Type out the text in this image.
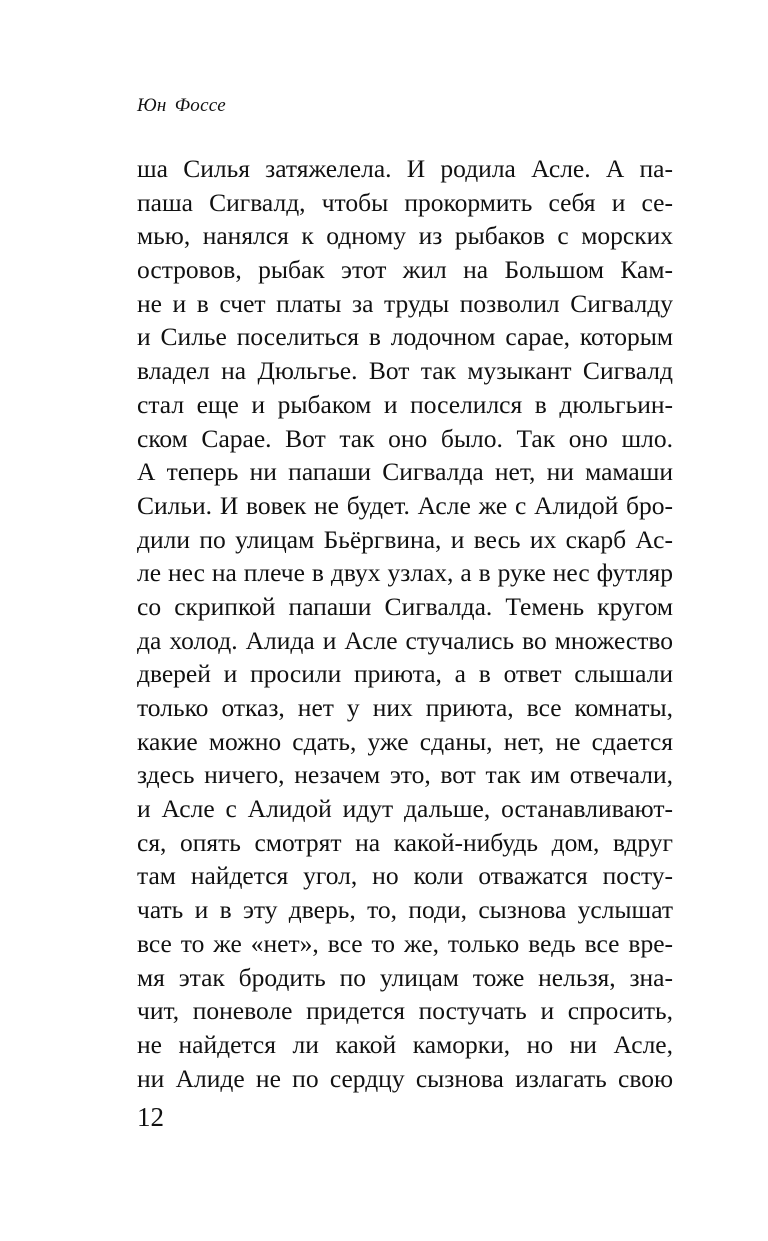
Юн Фоссе
ша Силья затяжелела. И родила Асле. А па-
паша Сигвалд, чтобы прокормить себя и се-
мью, нанялся к одному из рыбаков с морских
островов, рыбак этот жил на Большом Кам-
не и в счет платы за труды позволил Сигвалду
и Силье поселиться в лодочном сарае, которым
владел на Дюльгье. Вот так музыкант Сигвалд
стал еще и рыбаком и поселился в дюльгьин-
ском Сарае. Вот так оно было. Так оно шло.
А теперь ни папаши Сигвалда нет, ни мамаши
Сильи. И вовек не будет. Асле же с Алидой бро-
дили по улицам Бьёргвина, и весь их скарб Ас-
ле нес на плече в двух узлах, а в руке нес футляр
со скрипкой папаши Сигвалда. Темень кругом
да холод. Алида и Асле стучались во множество
дверей и просили приюта, а в ответ слышали
только отказ, нет у них приюта, все комнаты,
какие можно сдать, уже сданы, нет, не сдается
здесь ничего, незачем это, вот так им отвечали,
и Асле с Алидой идут дальше, останавливают-
ся, опять смотрят на какой-нибудь дом, вдруг
там найдется угол, но коли отважатся посту-
чать и в эту дверь, то, поди, сызнова услышат
все то же «нет», все то же, только ведь все вре-
мя этак бродить по улицам тоже нельзя, зна-
чит, поневоле придется постучать и спросить,
не найдется ли какой каморки, но ни Асле,
ни Алиде не по сердцу сызнова излагать свою
12
